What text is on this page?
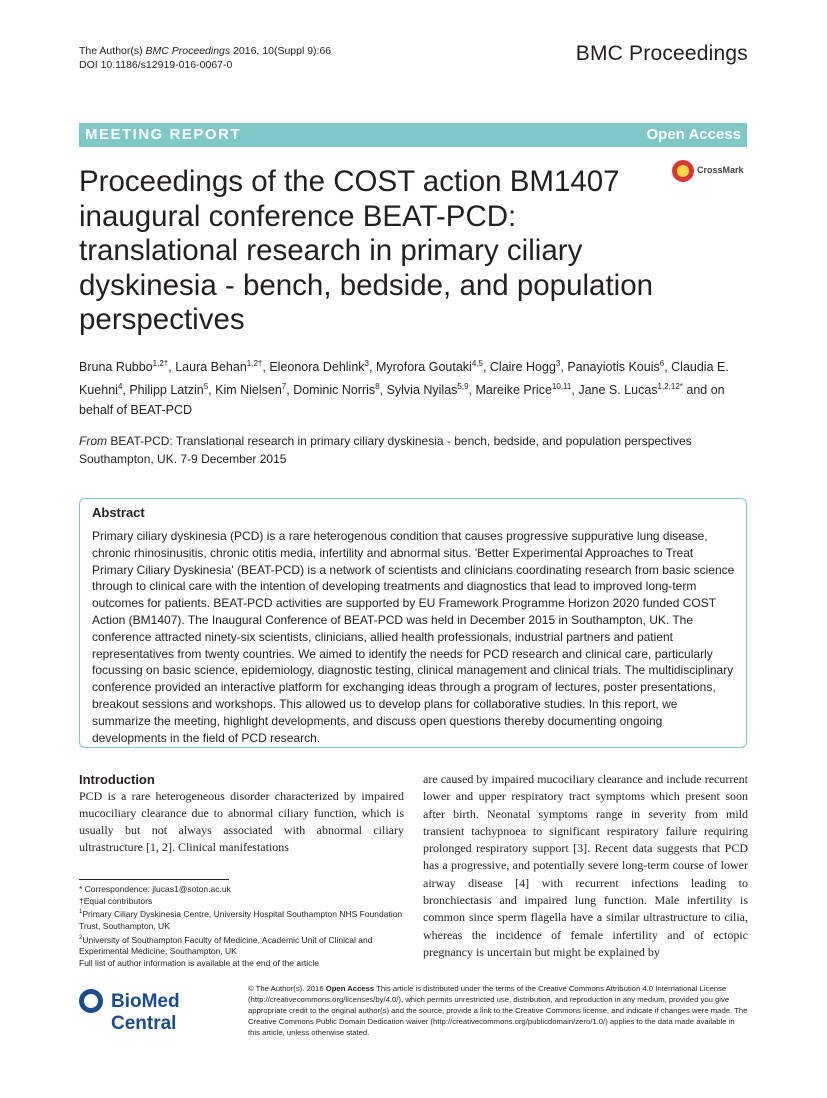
The Author(s) BMC Proceedings 2016, 10(Suppl 9):66
DOI 10.1186/s12919-016-0067-0	BMC Proceedings
MEETING REPORT	Open Access
CrossMark
Proceedings of the COST action BM1407 inaugural conference BEAT-PCD: translational research in primary ciliary dyskinesia - bench, bedside, and population perspectives
Bruna Rubbo$^{1,2\dagger}$, Laura Behan$^{1,2\dagger}$, Eleonora Dehlink$^3$, Myrofora Goutaki$^{4,5}$, Claire Hogg$^3$, Panayiotis Kouis$^6$, Claudia E. Kuehni$^4$, Philipp Latzin$^5$, Kim Nielsen$^7$, Dominic Norris$^8$, Sylvia Nyilas$^{5,9}$, Mareike Price$^{10,11}$, Jane S. Lucas$^{1,2,12*}$ and on behalf of BEAT-PCD
From BEAT-PCD: Translational research in primary ciliary dyskinesia - bench, bedside, and population perspectives
Southampton, UK. 7-9 December 2015
Abstract
Primary ciliary dyskinesia (PCD) is a rare heterogenous condition that causes progressive suppurative lung disease, chronic rhinosinusitis, chronic otitis media, infertility and abnormal situs. 'Better Experimental Approaches to Treat Primary Ciliary Dyskinesia' (BEAT-PCD) is a network of scientists and clinicians coordinating research from basic science through to clinical care with the intention of developing treatments and diagnostics that lead to improved long-term outcomes for patients. BEAT-PCD activities are supported by EU Framework Programme Horizon 2020 funded COST Action (BM1407). The Inaugural Conference of BEAT-PCD was held in December 2015 in Southampton, UK. The conference attracted ninety-six scientists, clinicians, allied health professionals, industrial partners and patient representatives from twenty countries. We aimed to identify the needs for PCD research and clinical care, particularly focussing on basic science, epidemiology, diagnostic testing, clinical management and clinical trials. The multidisciplinary conference provided an interactive platform for exchanging ideas through a program of lectures, poster presentations, breakout sessions and workshops. This allowed us to develop plans for collaborative studies. In this report, we summarize the meeting, highlight developments, and discuss open questions thereby documenting ongoing developments in the field of PCD research.
Introduction
PCD is a rare heterogeneous disorder characterized by impaired mucociliary clearance due to abnormal ciliary function, which is usually but not always associated with abnormal ciliary ultrastructure [1, 2]. Clinical manifestations
are caused by impaired mucociliary clearance and include recurrent lower and upper respiratory tract symptoms which present soon after birth. Neonatal symptoms range in severity from mild transient tachypnoea to significant respiratory failure requiring prolonged respiratory support [3]. Recent data suggests that PCD has a progressive, and potentially severe long-term course of lower airway disease [4] with recurrent infections leading to bronchiectasis and impaired lung function. Male infertility is common since sperm flagella have a similar ultrastructure to cilia, whereas the incidence of female infertility and of ectopic pregnancy is uncertain but might be explained by
* Correspondence: jlucas1@soton.ac.uk
†Equal contributors
$^1$Primary Ciliary Dyskinesia Centre, University Hospital Southampton NHS Foundation Trust, Southampton, UK
$^2$University of Southampton Faculty of Medicine, Academic Unit of Clinical and Experimental Medicine, Southampton, UK
Full list of author information is available at the end of the article
BioMed Central
© The Author(s). 2016 Open Access This article is distributed under the terms of the Creative Commons Attribution 4.0 International License (http://creativecommons.org/licenses/by/4.0/), which permits unrestricted use, distribution, and reproduction in any medium, provided you give appropriate credit to the original author(s) and the source, provide a link to the Creative Commons license, and indicate if changes were made. The Creative Commons Public Domain Dedication waiver (http://creativecommons.org/publicdomain/zero/1.0/) applies to the data made available in this article, unless otherwise stated.
